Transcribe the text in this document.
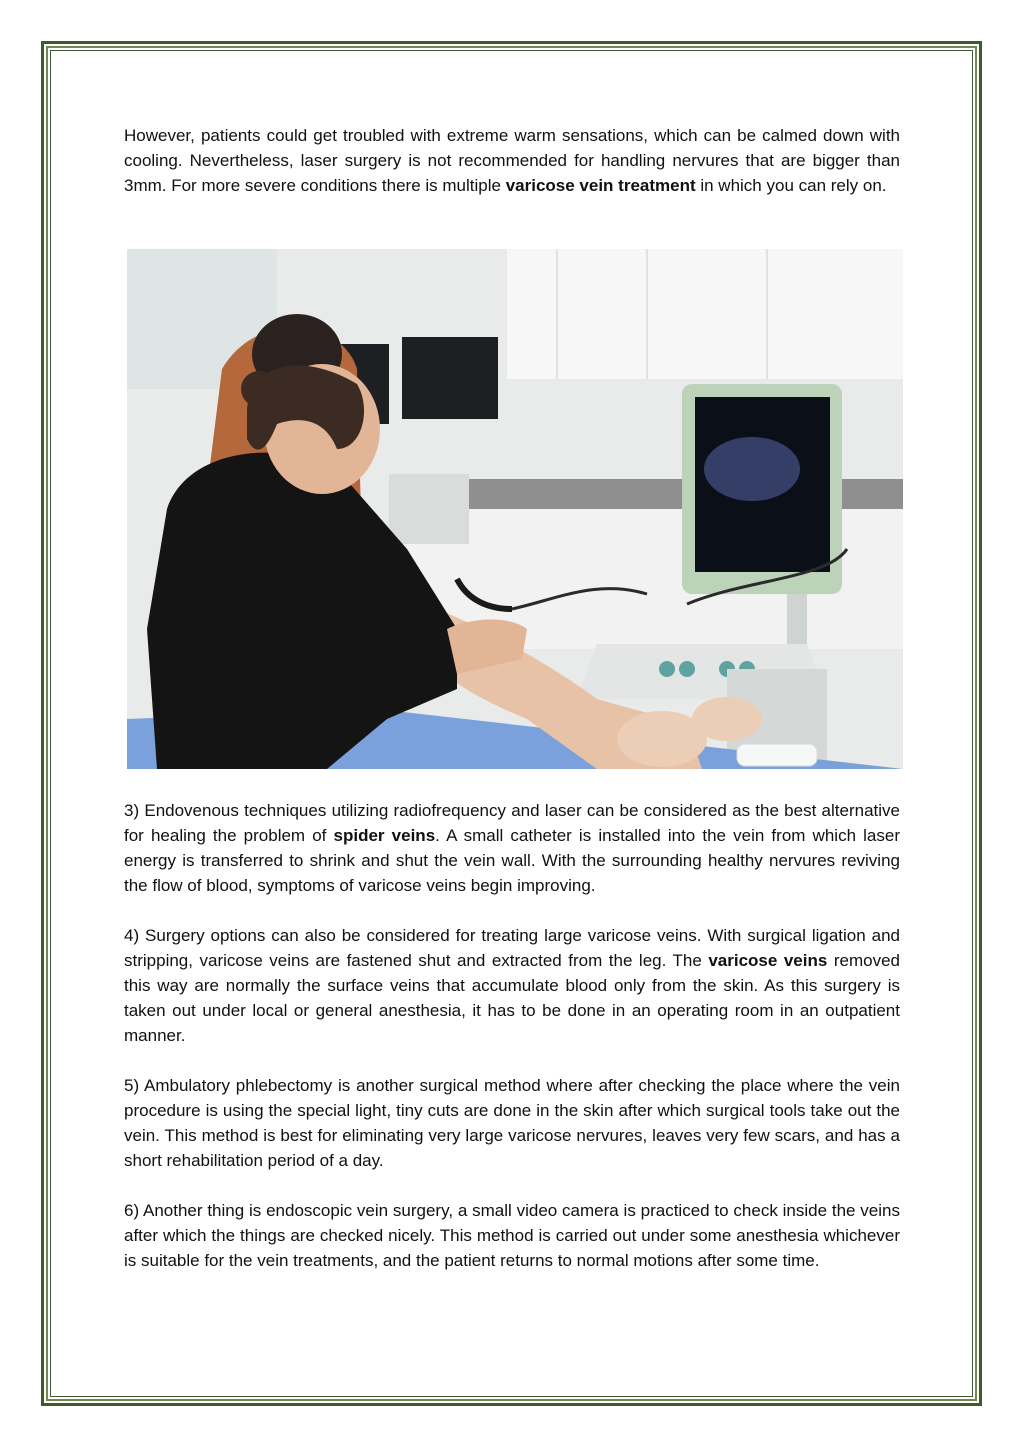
However, patients could get troubled with extreme warm sensations, which can be calmed down with cooling. Nevertheless, laser surgery is not recommended for handling nervures that are bigger than 3mm. For more severe conditions there is multiple varicose vein treatment in which you can rely on.

3) Endovenous techniques utilizing radiofrequency and laser can be considered as the best alternative for healing the problem of spider veins. A small catheter is installed into the vein from which laser energy is transferred to shrink and shut the vein wall. With the surrounding healthy nervures reviving the flow of blood, symptoms of varicose veins begin improving.

4) Surgery options can also be considered for treating large varicose veins. With surgical ligation and stripping, varicose veins are fastened shut and extracted from the leg. The varicose veins removed this way are normally the surface veins that accumulate blood only from the skin. As this surgery is taken out under local or general anesthesia, it has to be done in an operating room in an outpatient manner.

5) Ambulatory phlebectomy is another surgical method where after checking the place where the vein procedure is using the special light, tiny cuts are done in the skin after which surgical tools take out the vein. This method is best for eliminating very large varicose nervures, leaves very few scars, and has a short rehabilitation period of a day.

6) Another thing is endoscopic vein surgery, a small video camera is practiced to check inside the veins after which the things are checked nicely. This method is carried out under some anesthesia whichever is suitable for the vein treatments, and the patient returns to normal motions after some time.
